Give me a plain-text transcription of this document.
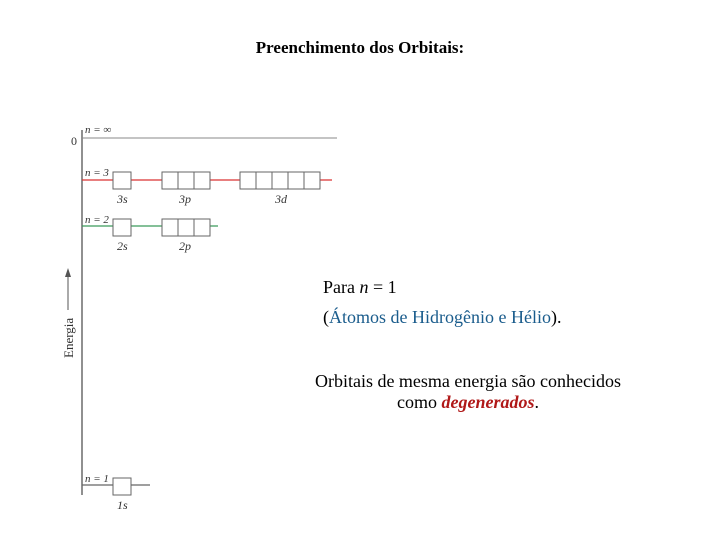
Preenchimento dos Orbitais:
Energia
0
n = ∞
n = 3
3s	3p	3d
n = 2
2s	2p
n = 1
1s
Para n = 1
(Átomos de Hidrogênio e Hélio).
Orbitais de mesma energia são conhecidos
como degenerados.
